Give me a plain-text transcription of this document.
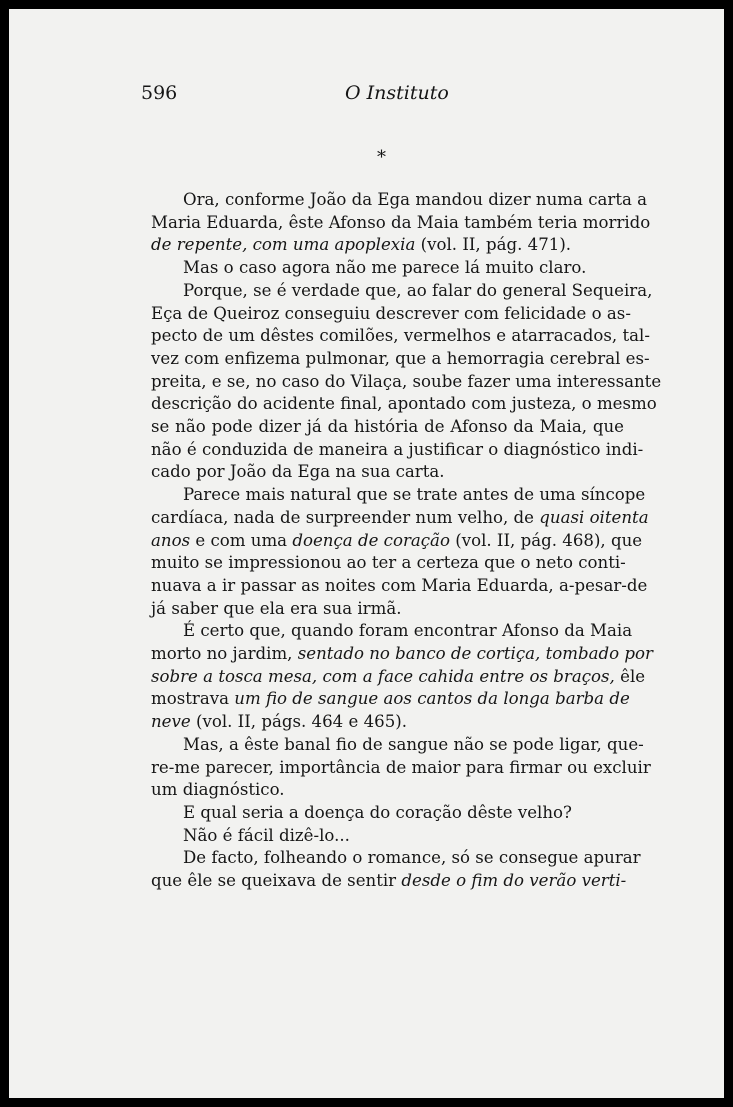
596	O Instituto
*

Ora, conforme João da Ega mandou dizer numa carta a
Maria Eduarda, êste Afonso da Maia também teria morrido
de repente, com uma apoplexia (vol. II, pág. 471).

Mas o caso agora não me parece lá muito claro.

Porque, se é verdade que, ao falar do general Sequeira,
Eça de Queiroz conseguiu descrever com felicidade o as-
pecto de um dêstes comilões, vermelhos e atarracados, tal-
vez com enfizema pulmonar, que a hemorragia cerebral es-
preita, e se, no caso do Vilaça, soube fazer uma interessante
descrição do acidente final, apontado com justeza, o mesmo
se não pode dizer já da história de Afonso da Maia, que
não é conduzida de maneira a justificar o diagnóstico indi-
cado por João da Ega na sua carta.

Parece mais natural que se trate antes de uma síncope
cardíaca, nada de surpreender num velho, de quasi oitenta
anos e com uma doença de coração (vol. II, pág. 468), que
muito se impressionou ao ter a certeza que o neto conti-
nuava a ir passar as noites com Maria Eduarda, a-pesar-de
já saber que ela era sua irmã.

É certo que, quando foram encontrar Afonso da Maia
morto no jardim, sentado no banco de cortiça, tombado por
sobre a tosca mesa, com a face cahida entre os braços, êle
mostrava um fio de sangue aos cantos da longa barba de
neve (vol. II, págs. 464 e 465).

Mas, a êste banal fio de sangue não se pode ligar, que-
re-me parecer, importância de maior para firmar ou excluir
um diagnóstico.

E qual seria a doença do coração dêste velho?

Não é fácil dizê-lo...

De facto, folheando o romance, só se consegue apurar
que êle se queixava de sentir desde o fim do verão verti-
